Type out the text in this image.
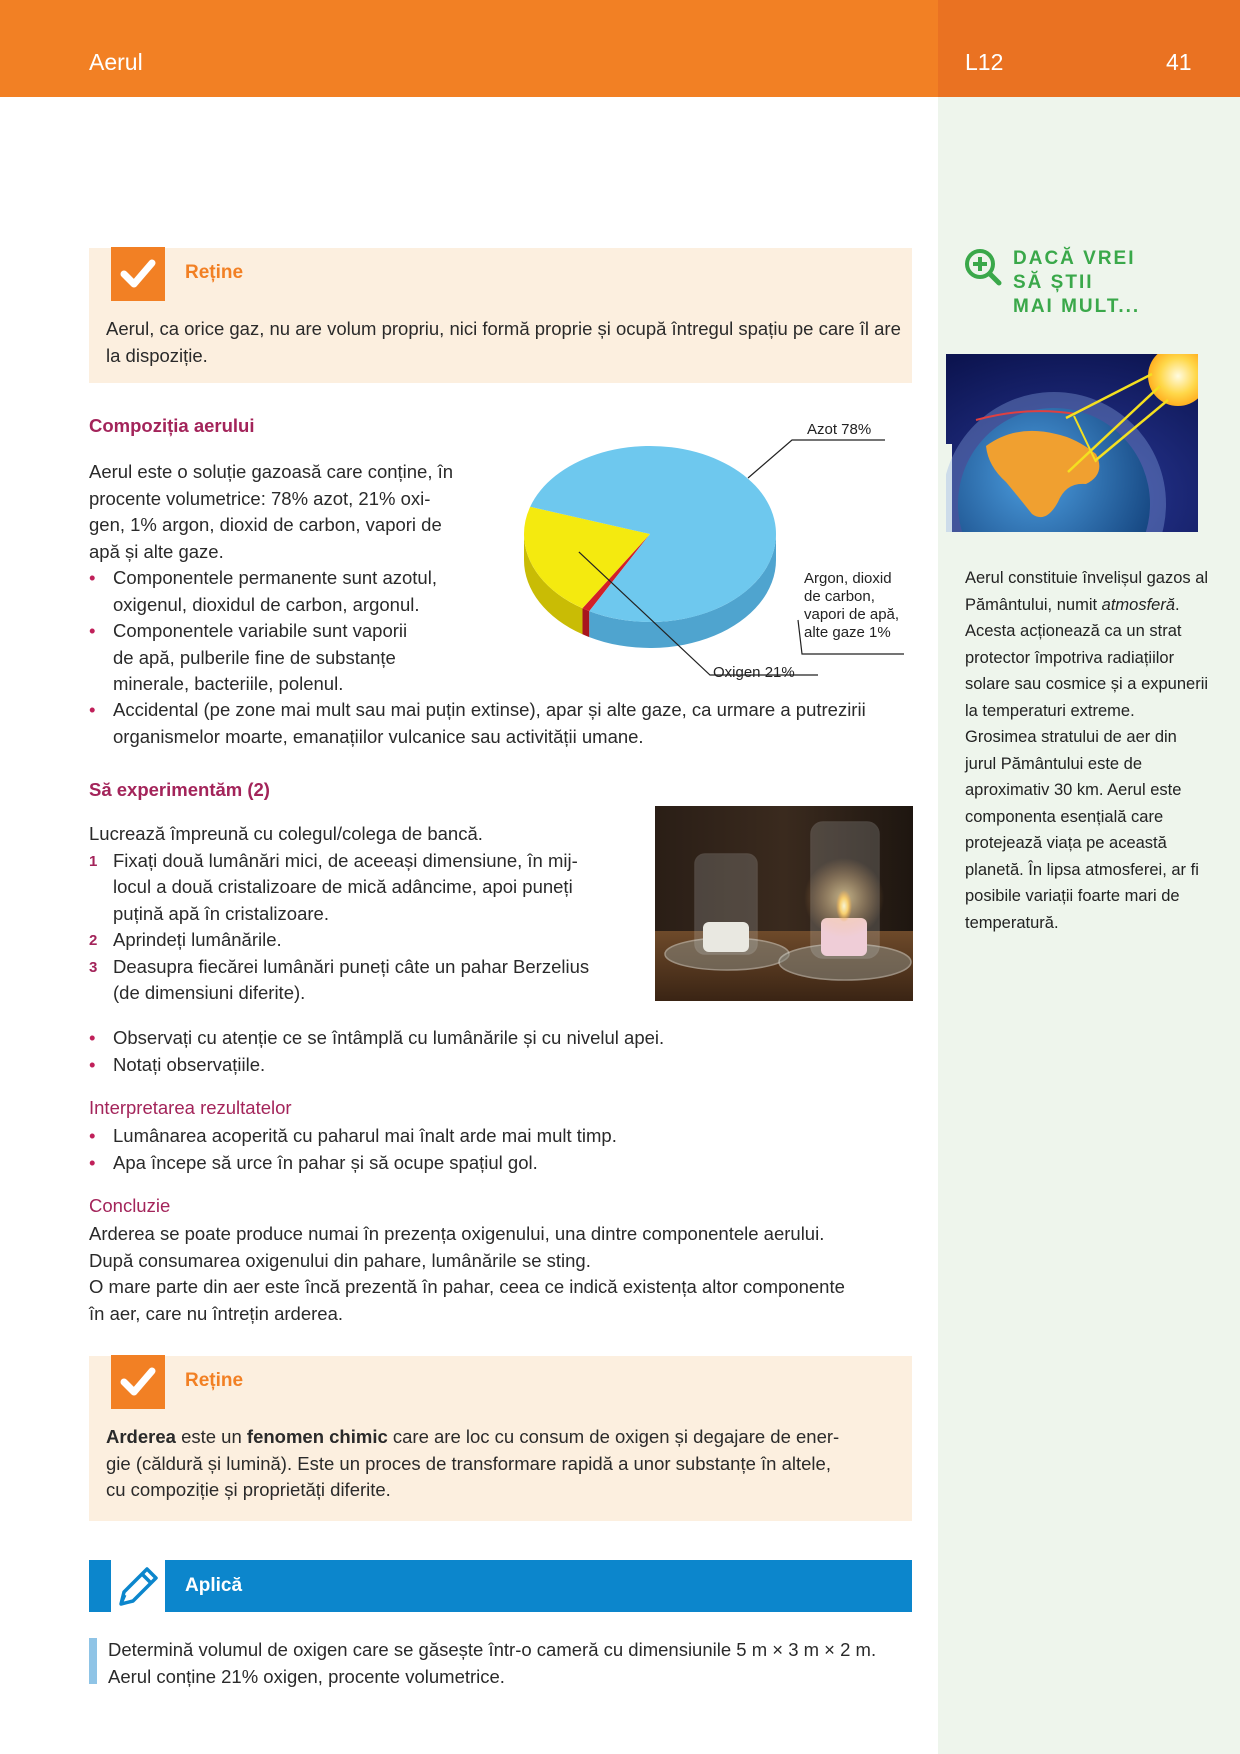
Aerul	L12	41
Reține
Aerul, ca orice gaz, nu are volum propriu, nici formă proprie și ocupă întregul spațiu pe care îl are la dispoziție.
Compoziția aerului
Aerul este o soluție gazoasă care conține, în
procente volumetrice: 78% azot, 21% oxi-
gen, 1% argon, dioxid de carbon, vapori de
apă și alte gaze.
• Componentele permanente sunt azotul,
oxigenul, dioxidul de carbon, argonul.
• Componentele variabile sunt vaporii
de apă, pulberile fine de substanțe
minerale, bacteriile, polenul.
• Accidental (pe zone mai mult sau mai puțin extinse), apar și alte gaze, ca urmare a putrezirii
organismelor moarte, emanațiilor vulcanice sau activității umane.
Azot 78%
Argon, dioxid
de carbon,
vapori de apă,
alte gaze 1%
Oxigen 21%
Să experimentăm (2)
Lucrează împreună cu colegul/colega de bancă.
1 Fixați două lumânări mici, de aceeași dimensiune, în mij-
locul a două cristalizoare de mică adâncime, apoi puneți
puțină apă în cristalizoare.
2 Aprindeți lumânările.
3 Deasupra fiecărei lumânări puneți câte un pahar Berzelius
(de dimensiuni diferite).
• Observați cu atenție ce se întâmplă cu lumânările și cu nivelul apei.
• Notați observațiile.
Interpretarea rezultatelor
• Lumânarea acoperită cu paharul mai înalt arde mai mult timp.
• Apa începe să urce în pahar și să ocupe spațiul gol.
Concluzie
Arderea se poate produce numai în prezența oxigenului, una dintre componentele aerului.
După consumarea oxigenului din pahare, lumânările se sting.
O mare parte din aer este încă prezentă în pahar, ceea ce indică existența altor componente
în aer, care nu întrețin arderea.
Reține
Arderea este un fenomen chimic care are loc cu consum de oxigen și degajare de ener-
gie (căldură și lumină). Este un proces de transformare rapidă a unor substanțe în altele,
cu compoziție și proprietăți diferite.
Aplică
Determină volumul de oxigen care se găsește într-o cameră cu dimensiunile 5 m × 3 m × 2 m.
Aerul conține 21% oxigen, procente volumetrice.
DACĂ VREI
SĂ ȘTII
MAI MULT...
Aerul constituie învelișul gazos al Pământului, numit atmosferă. Acesta acționează ca un strat protector împotriva radiațiilor solare sau cosmice și a expunerii la temperaturi extreme. Grosimea stratului de aer din jurul Pământului este de aproximativ 30 km. Aerul este componenta esențială care protejează viața pe această planetă. În lipsa atmosferei, ar fi posibile variații foarte mari de temperatură.
